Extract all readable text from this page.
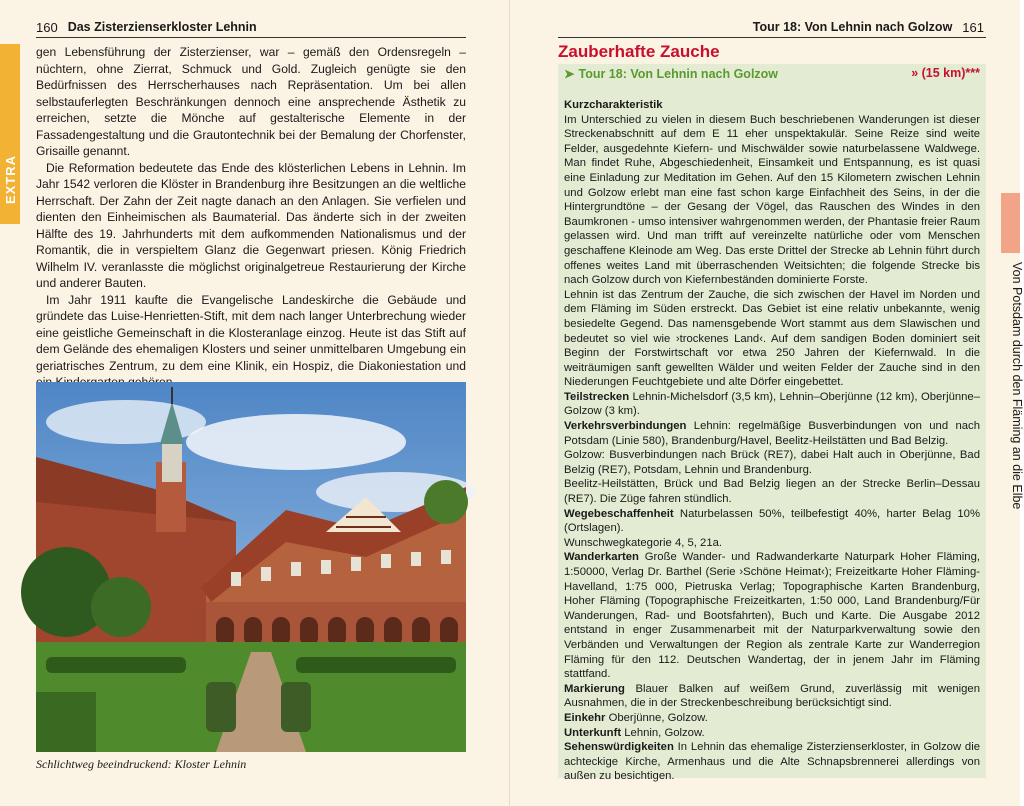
160 Das Zisterzienserkloster Lehnin
EXTRA

gen Lebensführung der Zisterzienser, war – gemäß den Ordensregeln – nüchtern, ohne Zierrat, Schmuck und Gold. Zugleich genügte sie den Bedürfnissen des Herrscherhauses nach Repräsentation. Um bei allen selbstauferlegten Beschränkungen dennoch eine ansprechende Ästhetik zu erreichen, setzte die Mönche auf gestalterische Elemente in der Fassadengestaltung und die Grautontechnik bei der Bemalung der Chorfenster, Grisaille genannt.

Die Reformation bedeutete das Ende des klösterlichen Lebens in Lehnin. Im Jahr 1542 verloren die Klöster in Brandenburg ihre Besitzungen an die weltliche Herrschaft. Der Zahn der Zeit nagte danach an den Anlagen. Sie verfielen und dienten den Einheimischen als Baumaterial. Das änderte sich in der zweiten Hälfte des 19. Jahrhunderts mit dem aufkommenden Nationalismus und der Romantik, die in verspieltem Glanz die Gegenwart priesen. König Friedrich Wilhelm IV. veranlasste die möglichst originalgetreue Restaurierung der Kirche und anderer Bauten.

Im Jahr 1911 kaufte die Evangelische Landeskirche die Gebäude und gründete das Luise-Henrietten-Stift, mit dem nach langer Unterbrechung wieder eine geistliche Gemeinschaft in die Klosteranlage einzog. Heute ist das Stift auf dem Gelände des ehemaligen Klosters und seiner unmittelbaren Umgebung ein geriatrisches Zentrum, zu dem eine Klinik, ein Hospiz, die Diakoniestation und

Schlichtweg beeindruckend: Kloster Lehnin
Tour 18: Von Lehnin nach Golzow 161
Zauberhafte Zauche
➤ Tour 18: Von Lehnin nach Golzow	» (15 km)***
Kurzcharakteristik
Im Unterschied zu vielen in diesem Buch beschriebenen Wanderungen ist dieser Streckenabschnitt auf dem E 11 eher unspektakulär. Seine Reize sind weite Felder, ausgedehnte Kiefern- und Mischwälder sowie naturbelassene Waldwege. Man findet Ruhe, Abgeschiedenheit, Einsamkeit und Entspannung, es ist quasi eine Einladung zur Meditation im Gehen. Auf den 15 Kilometern zwischen Lehnin und Golzow erlebt man eine fast schon karge Einfachheit des Seins, in der die Hintergrundtöne – der Gesang der Vögel, das Rauschen des Windes in den Baumkronen - umso intensiver wahrgenommen werden, der Phantasie freier Raum gelassen wird. Und man trifft auf vereinzelte natürliche oder vom Menschen geschaffene Kleinode am Weg. Das erste Drittel der Strecke ab Lehnin führt durch offenes weites Land mit überraschenden Weitsichten; die folgende Strecke bis nach Golzow durch von Kiefernbeständen dominierte Forste.
Lehnin ist das Zentrum der Zauche, die sich zwischen der Havel im Norden und dem Fläming im Süden erstreckt. Das Gebiet ist eine relativ unbekannte, wenig besiedelte Gegend. Das namensgebende Wort stammt aus dem Slawischen und bedeutet so viel wie ›trockenes Land‹. Auf dem sandigen Boden dominiert seit Beginn der Forstwirtschaft vor etwa 250 Jahren der Kiefernwald. In die weiträumigen sanft gewellten Wälder und weiten Felder der Zauche sind in den Niederungen Feuchtgebiete und alte Dörfer eingebettet.
Teilstrecken Lehnin-Michelsdorf (3,5 km), Lehnin–Oberjünne (12 km), Oberjünne–Golzow (3 km).
Verkehrsverbindungen Lehnin: regelmäßige Busverbindungen von und nach Potsdam (Linie 580), Brandenburg/Havel, Beelitz-Heilstätten und Bad Belzig.
Golzow: Busverbindungen nach Brück (RE7), dabei Halt auch in Oberjünne, Bad Belzig (RE7), Potsdam, Lehnin und Brandenburg.
Beelitz-Heilstätten, Brück und Bad Belzig liegen an der Strecke Berlin–Dessau (RE7). Die Züge fahren stündlich.
Wegebeschaffenheit Naturbelassen 50%, teilbefestigt 40%, harter Belag 10% (Ortslagen).
Wunschwegkategorie 4, 5, 21a.
Wanderkarten Große Wander- und Radwanderkarte Naturpark Hoher Fläming, 1:50000, Verlag Dr. Barthel (Serie ›Schöne Heimat‹); Freizeitkarte Hoher Fläming-Havelland, 1:75 000, Pietruska Verlag; Topographische Karten Brandenburg, Hoher Fläming (Topographische Freizeitkarten, 1:50 000, Land Brandenburg/Für Wanderungen, Rad- und Bootsfahrten), Buch und Karte. Die Ausgabe 2012 entstand in enger Zusammenarbeit mit der Naturparkverwaltung sowie den Verbänden und Verwaltungen der Region als zentrale Karte zur Wanderregion Fläming für den 112. Deutschen Wandertag, der in jenem Jahr im Fläming stattfand.
Markierung Blauer Balken auf weißem Grund, zuverlässig mit wenigen Ausnahmen, die in der Streckenbeschreibung berücksichtigt sind.
Einkehr Oberjünne, Golzow.
Unterkunft Lehnin, Golzow.
Sehenswürdigkeiten In Lehnin das ehemalige Zisterzienserkloster, in Golzow die achteckige Kirche, Armenhaus und die Alte Schnapsbrennerei allerdings von außen zu besichtigen.
Von Potsdam durch den Fläming an die Elbe
